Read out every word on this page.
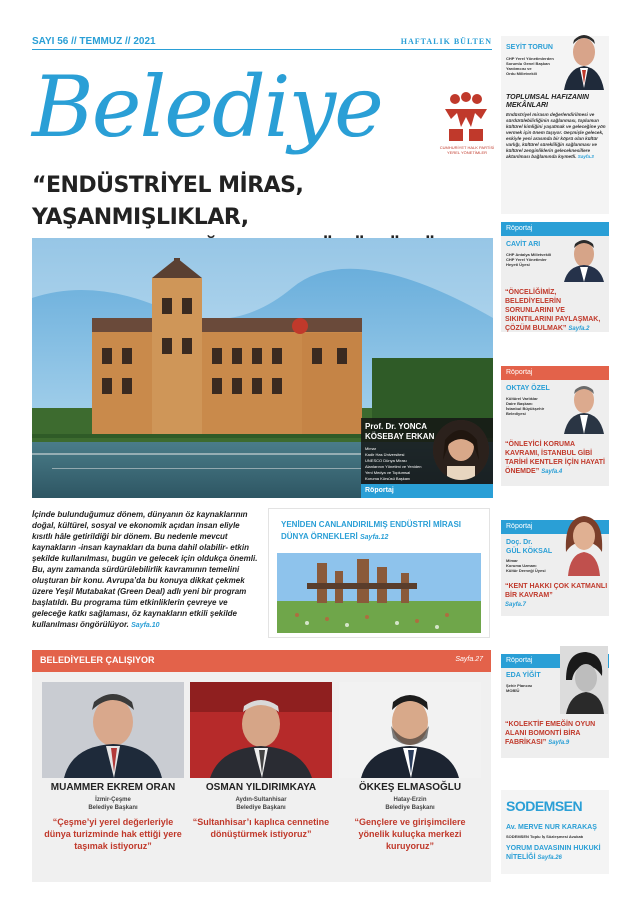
SAYI 56 // TEMMUZ // 2021	HAFTALIK BÜLTEN
Belediye	CUMHURİYET HALK PARTİSİ YEREL YÖNETİMLER
“ENDÜSTRİYEL MİRAS, YAŞANMIŞLIKLAR,
Prof. Dr. YONCA
KÖSEBAY ERKAN
Mimar
Kadir Has Üniversitesi
UNESCO Dünya Mirası
Alanlarının Yönetimi ve Yeniden
Yeni Medya ve Toplumsal
Koruma Kürsüsü Başkanı
Röportaj
İçinde bulunduğumuz dönem, dünyanın öz kaynaklarının doğal, kültürel, sosyal ve ekonomik açıdan insan eliyle kısıtlı hâle getirildiği bir dönem. Bu nedenle mevcut kaynakların -insan kaynakları da buna dahil olabilir- etkin şekilde kullanılması, bugün ve gelecek için oldukça önemli. Bu, aynı zamanda sürdürülebilirlik kavramının temelini oluşturan bir konu. Avrupa’da bu konuya dikkat çekmek üzere Yeşil Mutabakat (Green Deal) adlı yeni bir program başlatıldı. Bu programa tüm etkinliklerin çevreye ve geleceğe katkı sağlaması, öz kaynakların etkili şekilde kullanılması öngörülüyor. Sayfa.10
YENİDEN CANLANDIRILMIŞ ENDÜSTRİ MİRASI
DÜNYA ÖRNEKLERİ Sayfa.12
BELEDİYELER ÇALIŞIYOR	Sayfa.27
MUAMMER EKREM ORAN
İzmir-Çeşme
Belediye Başkanı
“Çeşme’yi yerel değerleriyle dünya turizminde hak ettiği yere taşımak istiyoruz”
OSMAN YILDIRIMKAYA
Aydın-Sultanhisar
Belediye Başkanı
“Sultanhisar’ı kaplıca cennetine dönüştürmek istiyoruz”
ÖKKEŞ ELMASOĞLU
Hatay-Erzin
Belediye Başkanı
“Gençlere ve girişimcilere yönelik kuluçka merkezi kuruyoruz”
SEYİT TORUN
CHP Yerel Yönetimlerden
Sorumlu Genel Başkan
Yardımcısı ve
Ordu Milletvekili
TOPLUMSAL HAFIZANIN
MEKÂNLARI
Endüstriyel mirasın değerlendirilmesi ve sürdürülebilirliğinin sağlanması, toplumun kültürel kimliğini yaşatmak ve geleceğine yön vermek için önem taşıyor. Geçmişle gelecek, eskiyle yeni arasında bir köprü olan kültür varlığı, kültürel sürekliliğin sağlanması ve kültürel zenginliklerin geleceknesillere aktarılması bağlamında kıymetli. Sayfa.3
Röportaj
CAVİT ARI
CHP Antalya Milletvekili
CHP Yerel Yönetimler
Heyeti Üyesi
“ÖNCELİĞİMİZ, BELEDİYELERİN SORUNLARINI VE SIKINTILARINI PAYLAŞMAK, ÇÖZÜM BULMAK” Sayfa.2
Röportaj
OKTAY ÖZEL
Kültürel Varlıklar
Daire Başkanı
İstanbul Büyükşehir
Belediyesi
“ÖNLEYİCİ KORUMA KAVRAMI, İSTANBUL GİBİ TARİHİ KENTLER İÇİN HAYATİ ÖNEMDE” Sayfa.4
Röportaj
Doç. Dr.
GÜL KÖKSAL
Mimar
Koruma Uzmanı
Kültür Derneği Üyesi
“KENT HAKKI ÇOK KATMANLI BİR KAVRAM”
Sayfa.7
Röportaj
EDA YİĞİT
Şehir Plancısı
MOBİÜ
“KOLEKTİF EMEĞİN OYUN ALANI BOMONTİ BİRA FABRİKASI” Sayfa.9
SODEMSEN
Av. MERVE NUR KARAKAŞ
SODEMSEN Toplu İş Sözleşmesi Avukatı
YORUM DAVASININ HUKUKİ NİTELİĞİ Sayfa.26
